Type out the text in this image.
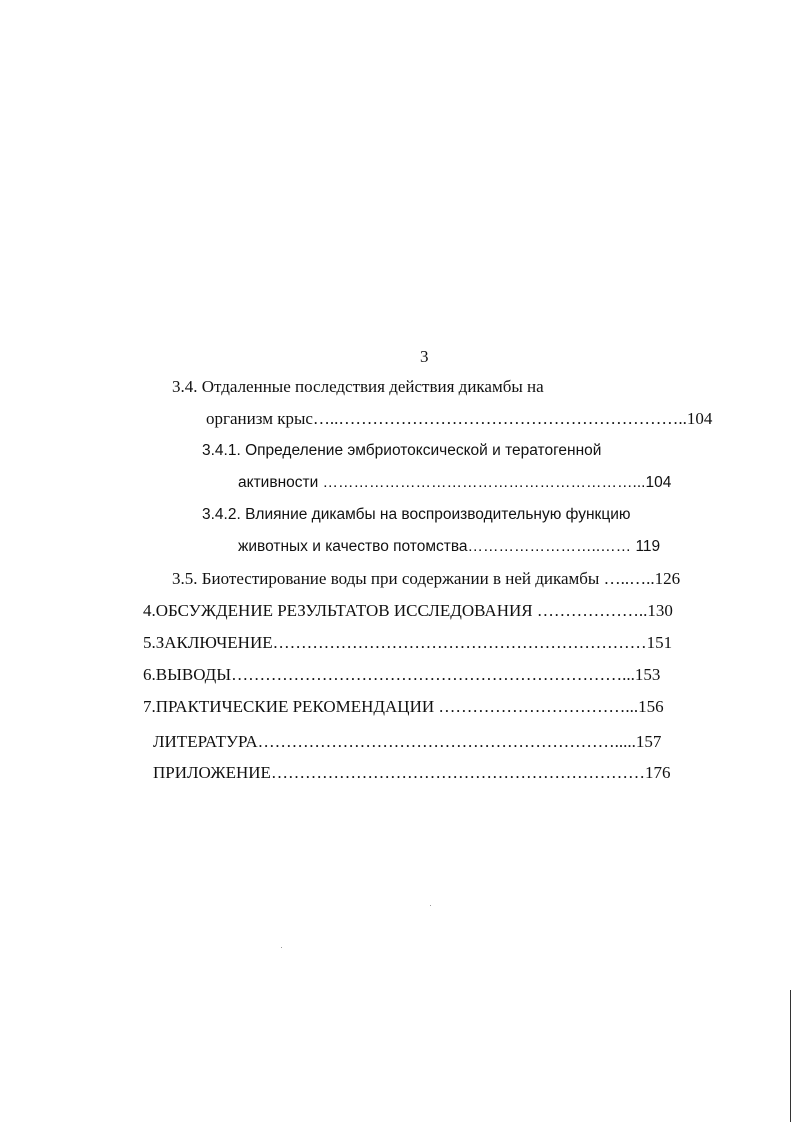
3
3.4. Отдаленные последствия действия дикамбы на
организм крыс…..……………………………………………………..104
3.4.1. Определение эмбриотоксической и тератогенной
активности ……………………………………………………...104
3.4.2. Влияние дикамбы на воспроизводительную функцию
животных и качество потомства……………………..…… 119
3.5. Биотестирование воды при содержании в ней дикамбы …..…..126
4.ОБСУЖДЕНИЕ РЕЗУЛЬТАТОВ ИССЛЕДОВАНИЯ ………………..130
5.ЗАКЛЮЧЕНИЕ…………………………………………………………151
6.ВЫВОДЫ……………………………………………………………...153
7.ПРАКТИЧЕСКИЕ РЕКОМЕНДАЦИИ ……………………………...156
ЛИТЕРАТУРА……………………………………………………….....157
ПРИЛОЖЕНИЕ…………………………………………………………176
